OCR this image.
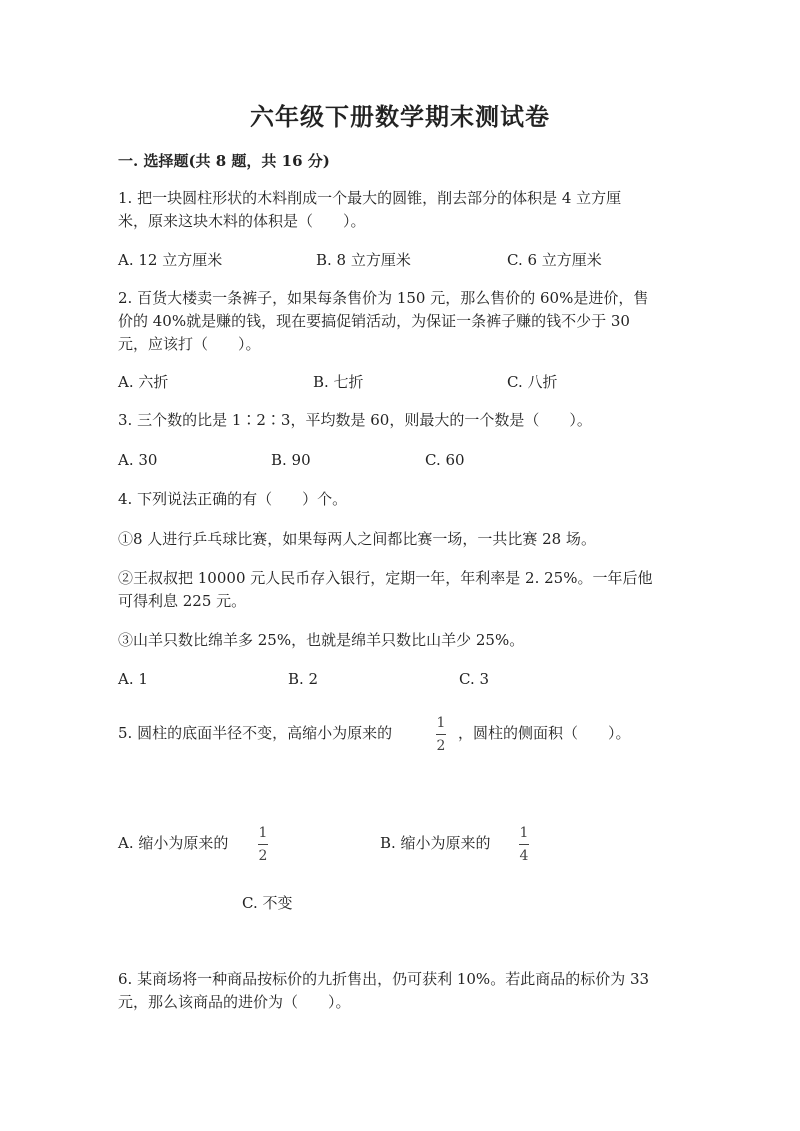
六年级下册数学期末测试卷
一. 选择题(共 8 题，共 16 分)
1. 把一块圆柱形状的木料削成一个最大的圆锥，削去部分的体积是 4 立方厘
米，原来这块木料的体积是（　　）。
A. 12 立方厘米	B. 8 立方厘米	C. 6 立方厘米
2. 百货大楼卖一条裤子，如果每条售价为 150 元，那么售价的 60%是进价，售
价的 40%就是赚的钱，现在要搞促销活动，为保证一条裤子赚的钱不少于 30
元，应该打（　　）。
A. 六折	B. 七折	C. 八折
3. 三个数的比是 1∶2∶3，平均数是 60，则最大的一个数是（　　）。
A. 30	B. 90	C. 60
4. 下列说法正确的有（　　）个。
①8 人进行乒乓球比赛，如果每两人之间都比赛一场，一共比赛 28 场。
②王叔叔把 10000 元人民币存入银行，定期一年，年利率是 2. 25%。一年后他
可得利息 225 元。
③山羊只数比绵羊多 25%，也就是绵羊只数比山羊少 25%。
A. 1	B. 2	C. 3
5. 圆柱的底面半径不变，高缩小为原来的
1
2
，圆柱的侧面积（　　）。
A. 缩小为原来的
1
2
B. 缩小为原来的
1
4
C. 不变
6. 某商场将一种商品按标价的九折售出，仍可获利 10%。若此商品的标价为 33
元，那么该商品的进价为（　　）。
